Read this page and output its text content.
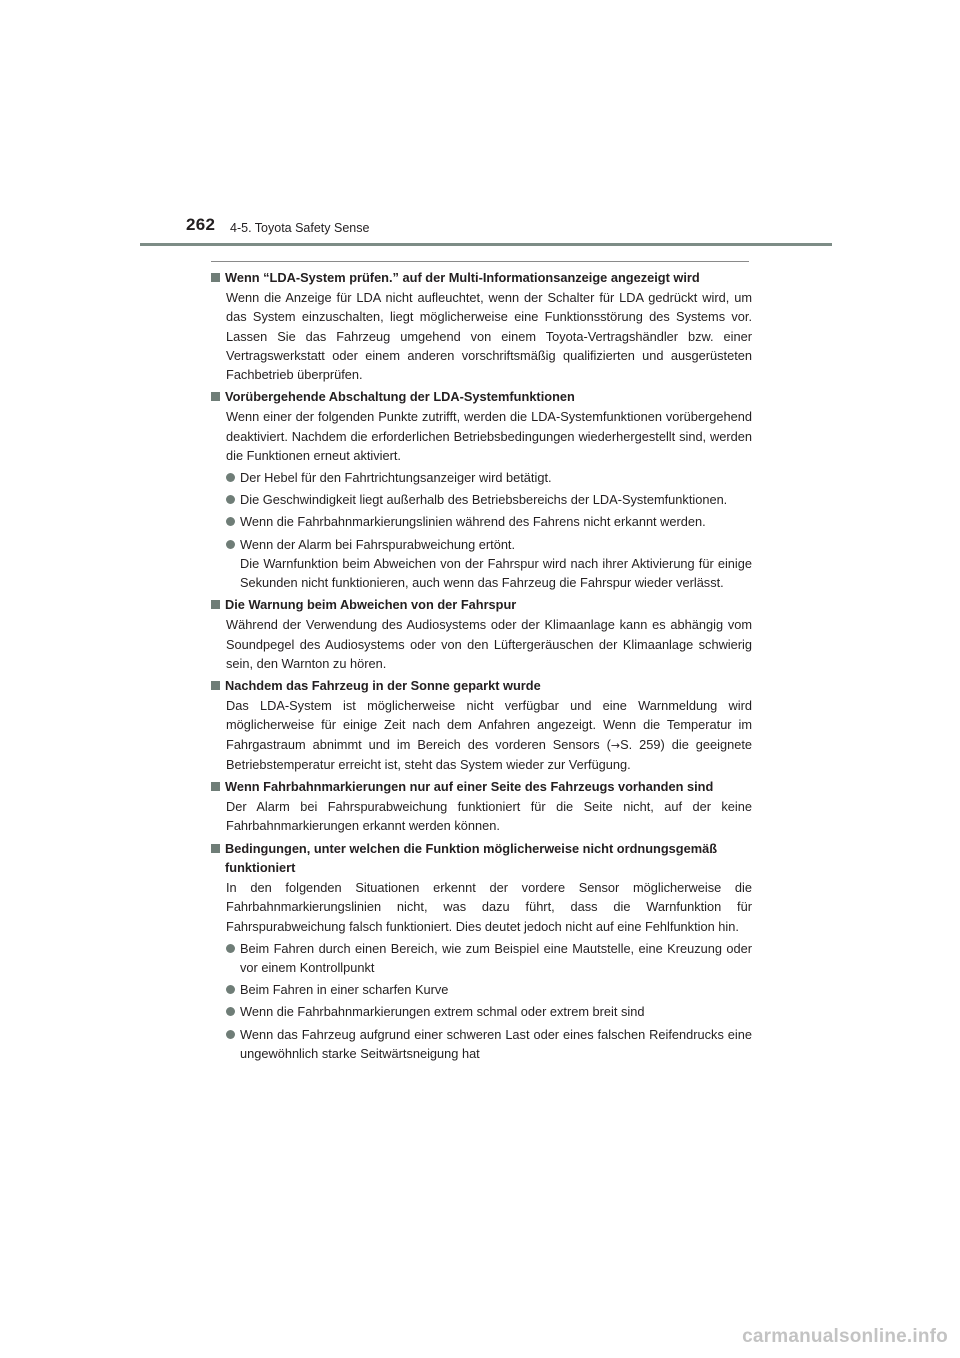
262 4-5. Toyota Safety Sense
Wenn “LDA-System prüfen.” auf der Multi-Informationsanzeige angezeigt wird
Wenn die Anzeige für LDA nicht aufleuchtet, wenn der Schalter für LDA gedrückt wird, um das System einzuschalten, liegt möglicherweise eine Funktionsstörung des Systems vor. Lassen Sie das Fahrzeug umgehend von einem Toyota-Vertragshändler bzw. einer Vertragswerkstatt oder einem anderen vorschriftsmäßig qualifizierten und ausgerüsteten Fachbetrieb überprüfen.
Vorübergehende Abschaltung der LDA-Systemfunktionen
Wenn einer der folgenden Punkte zutrifft, werden die LDA-Systemfunktionen vorübergehend deaktiviert. Nachdem die erforderlichen Betriebsbedingungen wiederhergestellt sind, werden die Funktionen erneut aktiviert.
Der Hebel für den Fahrtrichtungsanzeiger wird betätigt.
Die Geschwindigkeit liegt außerhalb des Betriebsbereichs der LDA-Systemfunktionen.
Wenn die Fahrbahnmarkierungslinien während des Fahrens nicht erkannt werden.
Wenn der Alarm bei Fahrspurabweichung ertönt.
Die Warnfunktion beim Abweichen von der Fahrspur wird nach ihrer Aktivierung für einige Sekunden nicht funktionieren, auch wenn das Fahrzeug die Fahrspur wieder verlässt.
Die Warnung beim Abweichen von der Fahrspur
Während der Verwendung des Audiosystems oder der Klimaanlage kann es abhängig vom Soundpegel des Audiosystems oder von den Lüftergeräuschen der Klimaanlage schwierig sein, den Warnton zu hören.
Nachdem das Fahrzeug in der Sonne geparkt wurde
Das LDA-System ist möglicherweise nicht verfügbar und eine Warnmeldung wird möglicherweise für einige Zeit nach dem Anfahren angezeigt. Wenn die Temperatur im Fahrgastraum abnimmt und im Bereich des vorderen Sensors (→S. 259) die geeignete Betriebstemperatur erreicht ist, steht das System wieder zur Verfügung.
Wenn Fahrbahnmarkierungen nur auf einer Seite des Fahrzeugs vorhanden sind
Der Alarm bei Fahrspurabweichung funktioniert für die Seite nicht, auf der keine Fahrbahnmarkierungen erkannt werden können.
Bedingungen, unter welchen die Funktion möglicherweise nicht ordnungsgemäß funktioniert
In den folgenden Situationen erkennt der vordere Sensor möglicherweise die Fahrbahnmarkierungslinien nicht, was dazu führt, dass die Warnfunktion für Fahrspurabweichung falsch funktioniert. Dies deutet jedoch nicht auf eine Fehlfunktion hin.
Beim Fahren durch einen Bereich, wie zum Beispiel eine Mautstelle, eine Kreuzung oder vor einem Kontrollpunkt
Beim Fahren in einer scharfen Kurve
Wenn die Fahrbahnmarkierungen extrem schmal oder extrem breit sind
Wenn das Fahrzeug aufgrund einer schweren Last oder eines falschen Reifendrucks eine ungewöhnlich starke Seitwärtsneigung hat
carmanualsonline.info
